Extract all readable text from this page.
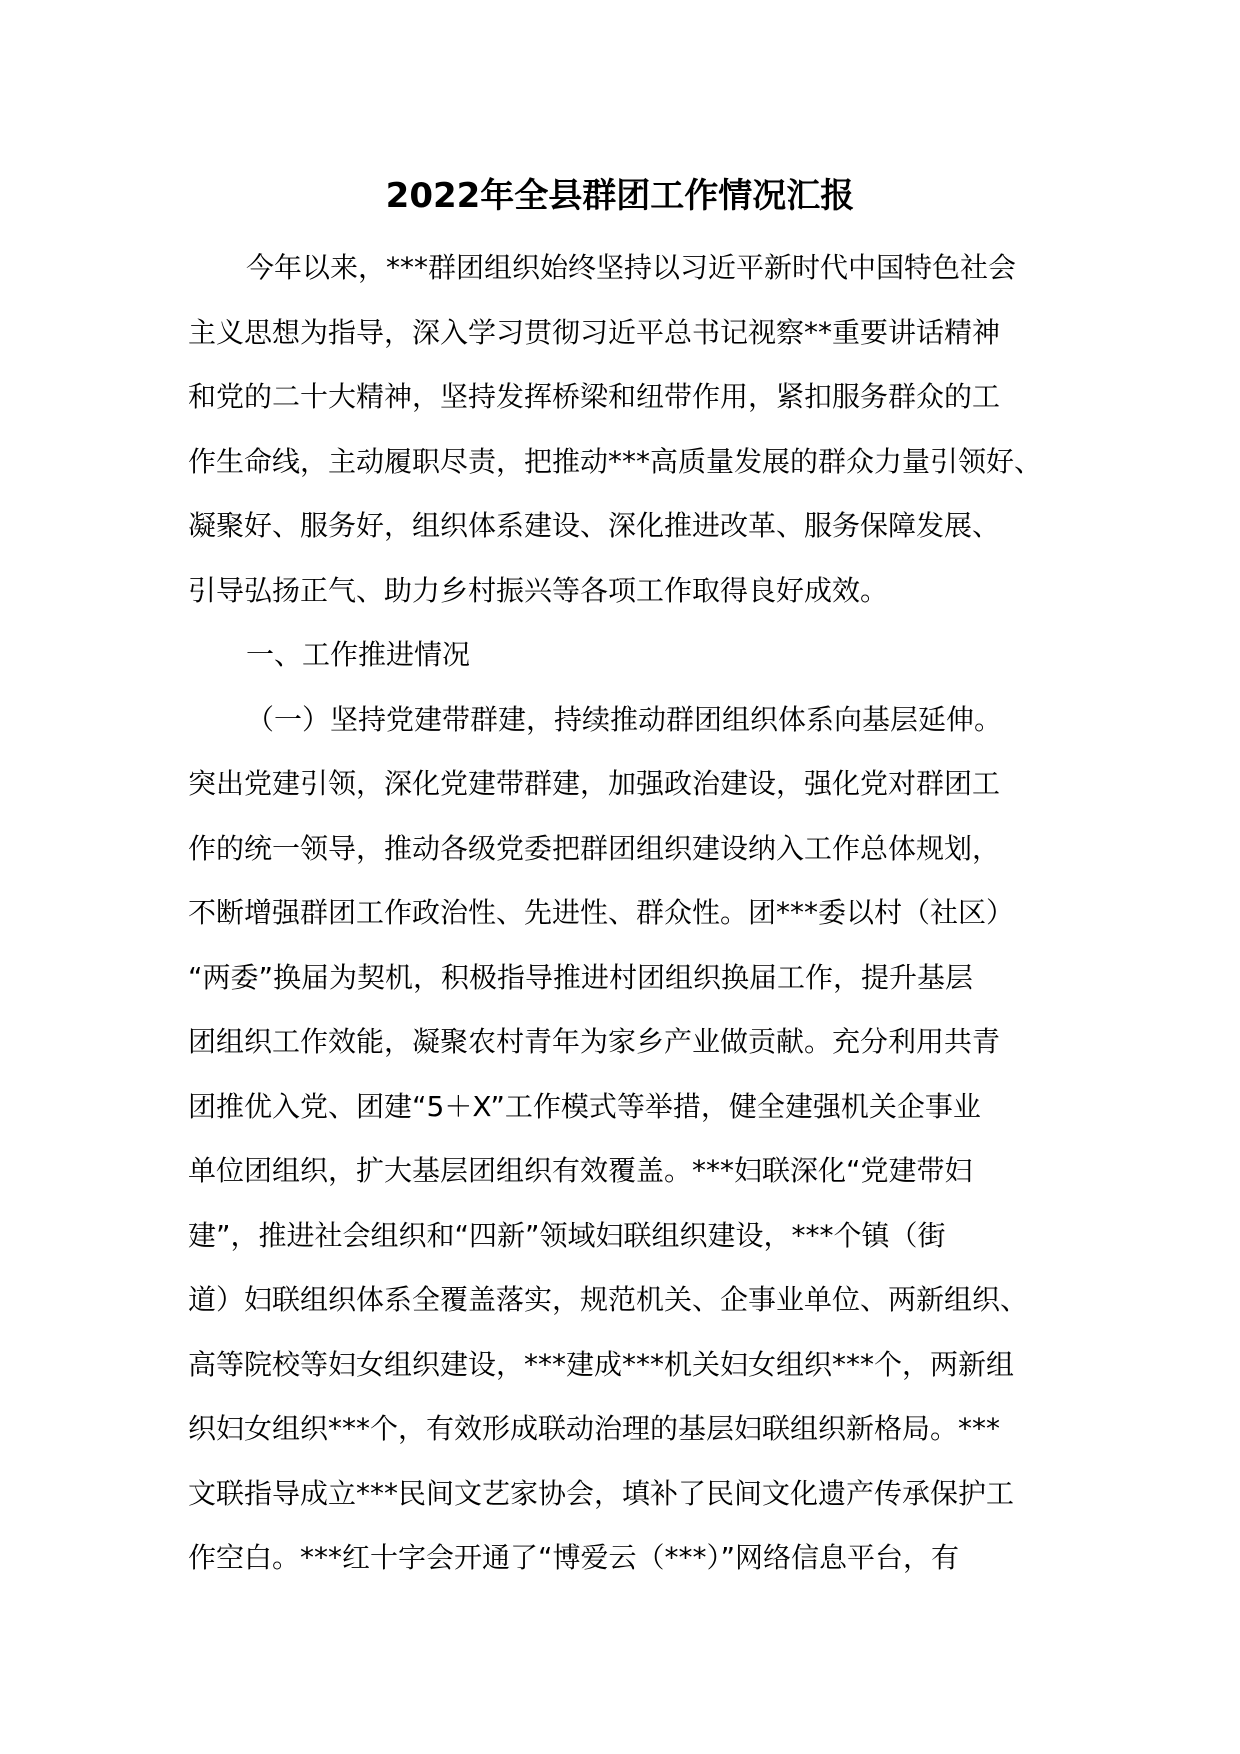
2022年全县群团工作情况汇报
今年以来，***群团组织始终坚持以习近平新时代中国特色社会
主义思想为指导，深入学习贯彻习近平总书记视察**重要讲话精神
和党的二十大精神，坚持发挥桥梁和纽带作用，紧扣服务群众的工
作生命线，主动履职尽责，把推动***高质量发展的群众力量引领好、
凝聚好、服务好，组织体系建设、深化推进改革、服务保障发展、
引导弘扬正气、助力乡村振兴等各项工作取得良好成效。
一、工作推进情况
（一）坚持党建带群建，持续推动群团组织体系向基层延伸。
突出党建引领，深化党建带群建，加强政治建设，强化党对群团工
作的统一领导，推动各级党委把群团组织建设纳入工作总体规划，
不断增强群团工作政治性、先进性、群众性。团***委以村（社区）
“两委”换届为契机，积极指导推进村团组织换届工作，提升基层
团组织工作效能，凝聚农村青年为家乡产业做贡献。充分利用共青
团推优入党、团建“5＋X”工作模式等举措，健全建强机关企事业
单位团组织，扩大基层团组织有效覆盖。***妇联深化“党建带妇
建”，推进社会组织和“四新”领域妇联组织建设，***个镇（街
道）妇联组织体系全覆盖落实，规范机关、企事业单位、两新组织、
高等院校等妇女组织建设，***建成***机关妇女组织***个，两新组
织妇女组织***个，有效形成联动治理的基层妇联组织新格局。***
文联指导成立***民间文艺家协会，填补了民间文化遗产传承保护工
作空白。***红十字会开通了“博爱云（***）”网络信息平台，有
